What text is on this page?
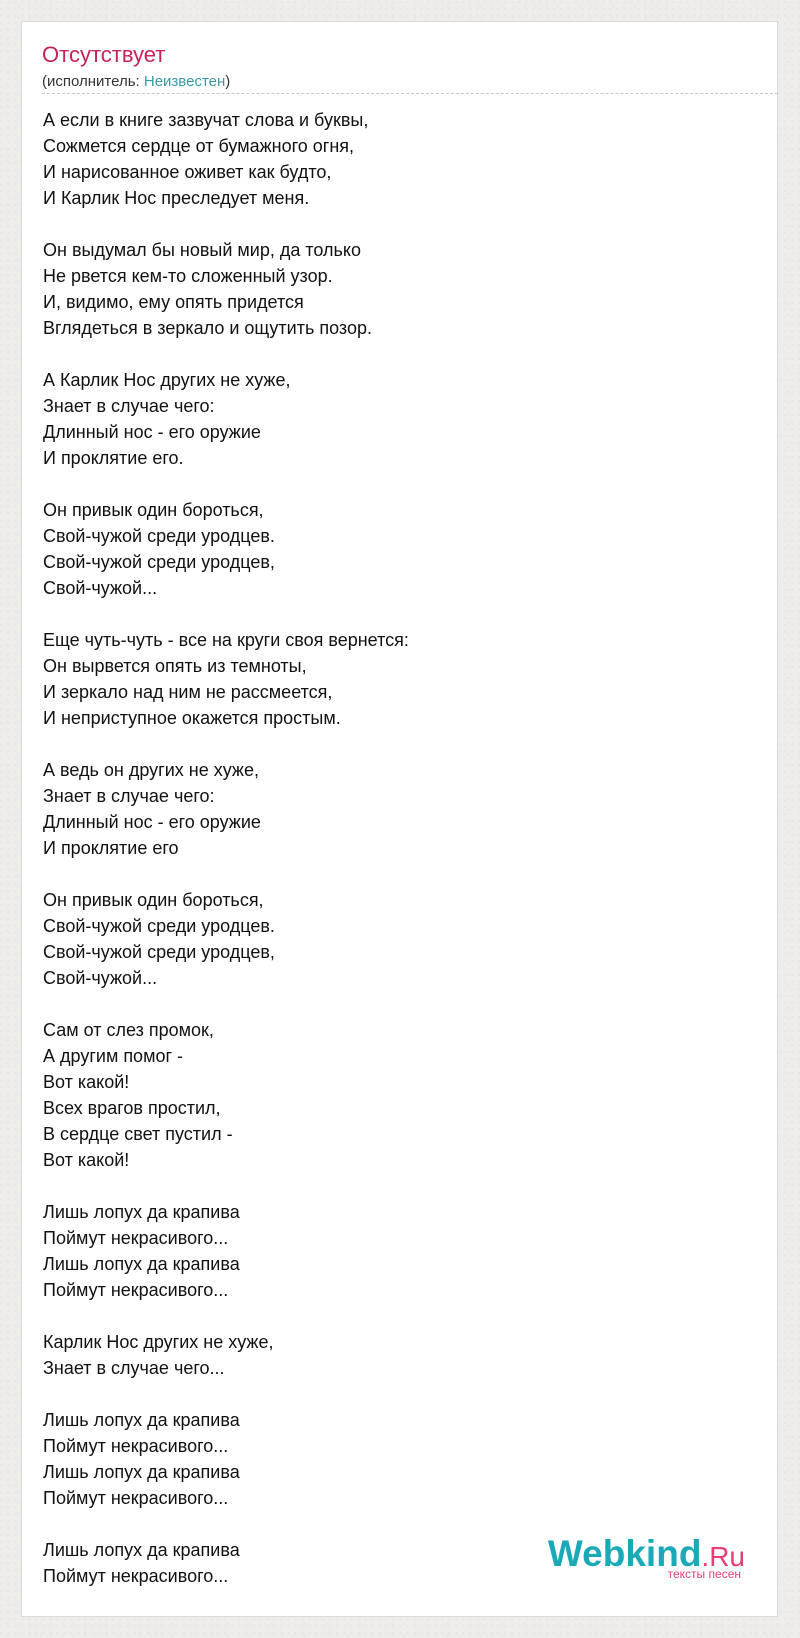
Отсутствует
(исполнитель: Неизвестен)
А если в книге зазвучат слова и буквы,
Сожмется сердце от бумажного огня,
И нарисованное оживет как будто,
И Карлик Нос преследует меня.

Он выдумал бы новый мир, да только
Не рвется кем-то сложенный узор.
И, видимо, ему опять придется
Вглядеться в зеркало и ощутить позор.

А Карлик Нос других не хуже,
Знает в случае чего:
Длинный нос - его оружие
И проклятие его.

Он привык один бороться,
Свой-чужой среди уродцев.
Свой-чужой среди уродцев,
Свой-чужой...

Еще чуть-чуть - все на круги своя вернется:
Он вырвется опять из темноты,
И зеркало над ним не рассмеется,
И неприступное окажется простым.

А ведь он других не хуже,
Знает в случае чего:
Длинный нос - его оружие
И проклятие его

Он привык один бороться,
Свой-чужой среди уродцев.
Свой-чужой среди уродцев,
Свой-чужой...

Сам от слез промок,
А другим помог -
Вот какой!
Всех врагов простил,
В сердце свет пустил -
Вот какой!

Лишь лопух да крапива
Поймут некрасивого...
Лишь лопух да крапива
Поймут некрасивого...

Карлик Нос других не хуже,
Знает в случае чего...

Лишь лопух да крапива
Поймут некрасивого...
Лишь лопух да крапива
Поймут некрасивого...

Лишь лопух да крапива
Поймут некрасивого...
Webkind.Ru
тексты песен
